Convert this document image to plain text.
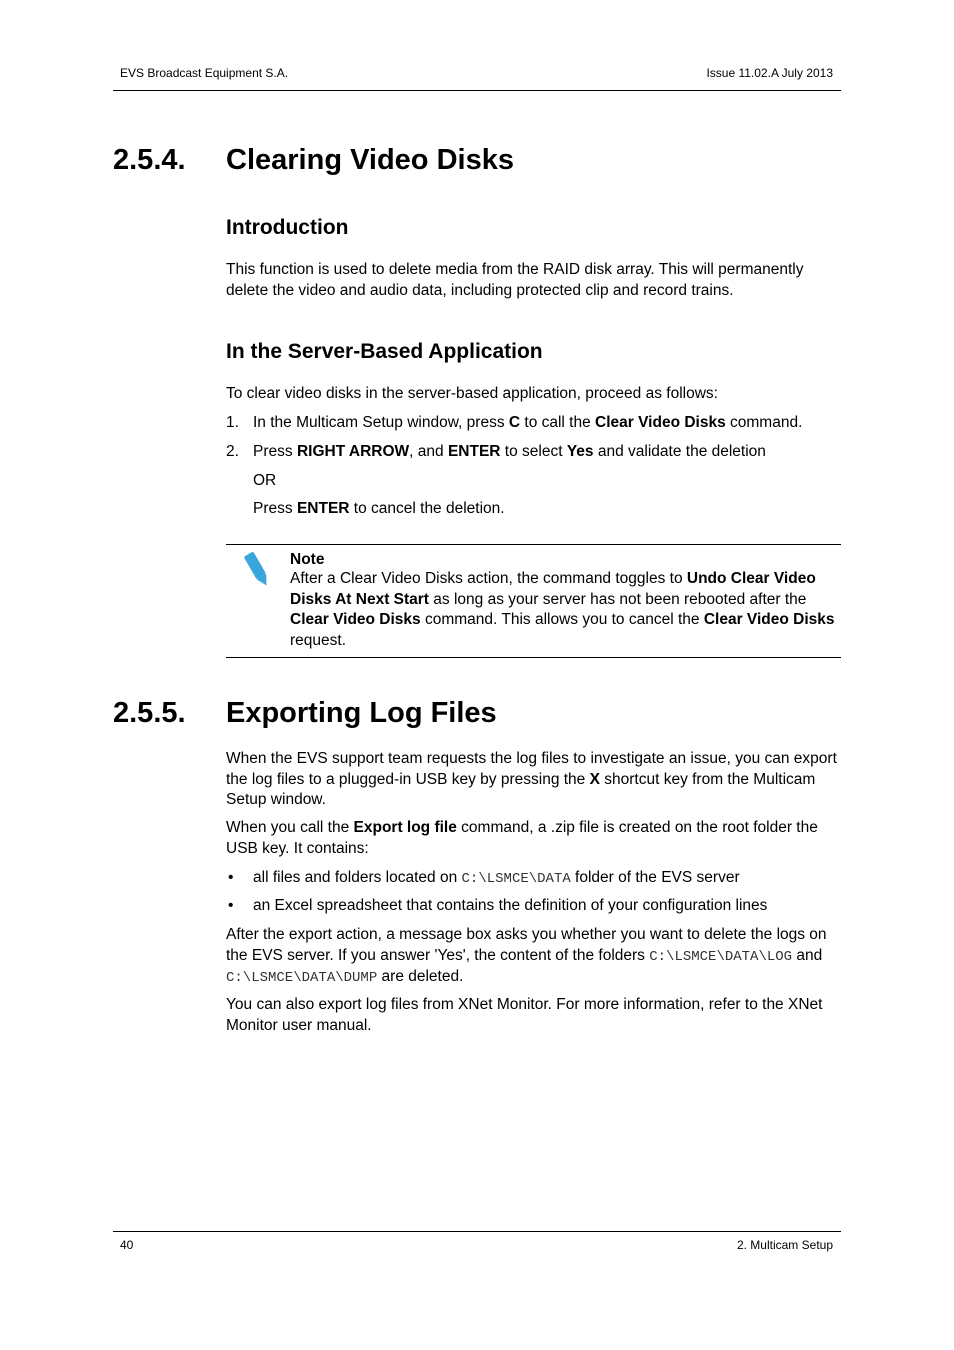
EVS Broadcast Equipment S.A.	Issue 11.02.A July 2013
2.5.4. Clearing Video Disks
Introduction
This function is used to delete media from the RAID disk array. This will permanently delete the video and audio data, including protected clip and record trains.
In the Server-Based Application
To clear video disks in the server-based application, proceed as follows:
1. In the Multicam Setup window, press C to call the Clear Video Disks command.
2. Press RIGHT ARROW, and ENTER to select Yes and validate the deletion
OR
Press ENTER to cancel the deletion.
Note
After a Clear Video Disks action, the command toggles to Undo Clear Video Disks At Next Start as long as your server has not been rebooted after the Clear Video Disks command. This allows you to cancel the Clear Video Disks request.
2.5.5. Exporting Log Files
When the EVS support team requests the log files to investigate an issue, you can export the log files to a plugged-in USB key by pressing the X shortcut key from the Multicam Setup window.
When you call the Export log file command, a .zip file is created on the root folder the USB key. It contains:
• all files and folders located on C:\LSMCE\DATA folder of the EVS server
• an Excel spreadsheet that contains the definition of your configuration lines
After the export action, a message box asks you whether you want to delete the logs on the EVS server. If you answer 'Yes', the content of the folders C:\LSMCE\DATA\LOG and C:\LSMCE\DATA\DUMP are deleted.
You can also export log files from XNet Monitor. For more information, refer to the XNet Monitor user manual.
40	2. Multicam Setup
